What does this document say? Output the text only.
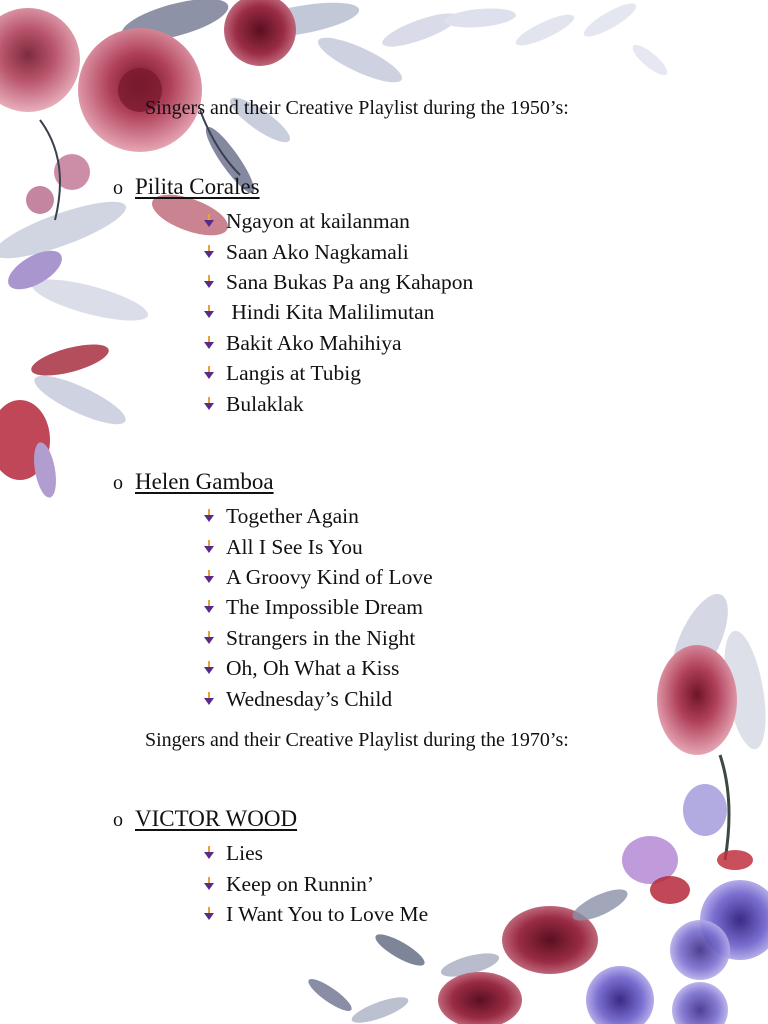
Singers and their Creative Playlist during the 1950’s:
o Pilita Corales
Ngayon at kailanman
Saan Ako Nagkamali
Sana Bukas Pa ang Kahapon
Hindi Kita Malilimutan
Bakit Ako Mahihiya
Langis at Tubig
Bulaklak
o Helen Gamboa
Together Again
All I See Is You
A Groovy Kind of Love
The Impossible Dream
Strangers in the Night
Oh, Oh What a Kiss
Wednesday’s Child
Singers and their Creative Playlist during the 1970’s:
o VICTOR WOOD
Lies
Keep on Runnin’
I Want You to Love Me
